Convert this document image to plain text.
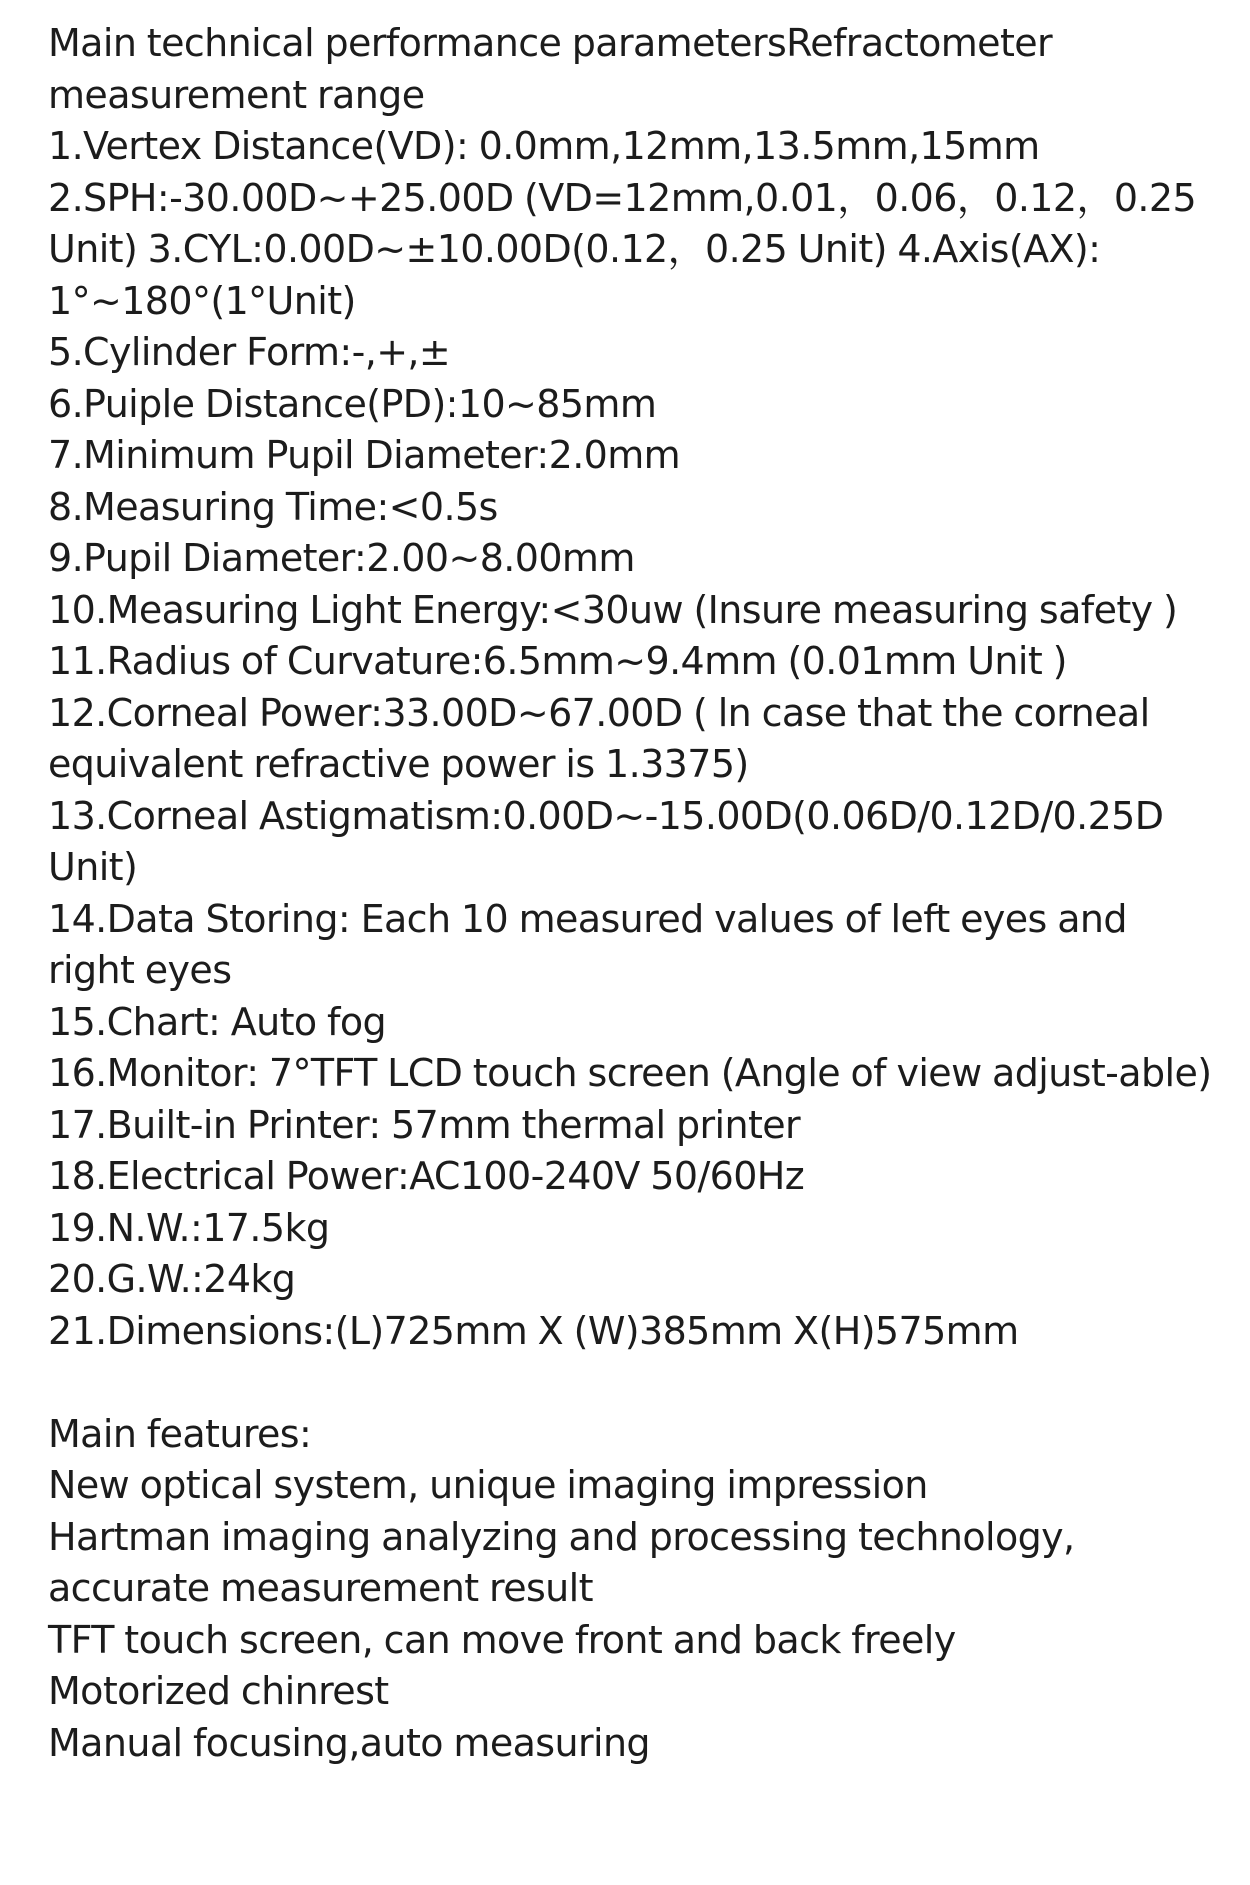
Main technical performance parametersRefractometer measurement range

1.Vertex Distance(VD): 0.0mm,12mm,13.5mm,15mm

2.SPH:-30.00D~+25.00D (VD=12mm,0.01，0.06，0.12，0.25 Unit) 3.CYL:0.00D~±10.00D(0.12，0.25 Unit) 4.Axis(AX): 1°~180°(1°Unit)

5.Cylinder Form:-,+,±

6.Puiple Distance(PD):10~85mm

7.Minimum Pupil Diameter:2.0mm

8.Measuring Time:<0.5s

9.Pupil Diameter:2.00~8.00mm

10.Measuring Light Energy:<30uw (Insure measuring safety )

11.Radius of Curvature:6.5mm~9.4mm (0.01mm Unit )

12.Corneal Power:33.00D~67.00D ( ln case that the corneal equivalent refractive power is 1.3375)

13.Corneal Astigmatism:0.00D~-15.00D(0.06D/0.12D/0.25D Unit)

14.Data Storing: Each 10 measured values of left eyes and right eyes

15.Chart: Auto fog

16.Monitor: 7°TFT LCD touch screen (Angle of view adjust-able)

17.Built-in Printer: 57mm thermal printer

18.Electrical Power:AC100-240V 50/60Hz

19.N.W.:17.5kg

20.G.W.:24kg

21.Dimensions:(L)725mm X (W)385mm X(H)575mm

Main features:

New optical system, unique imaging impression

Hartman imaging analyzing and processing technology, accurate measurement result

TFT touch screen, can move front and back freely

Motorized chinrest

Manual focusing,auto measuring
